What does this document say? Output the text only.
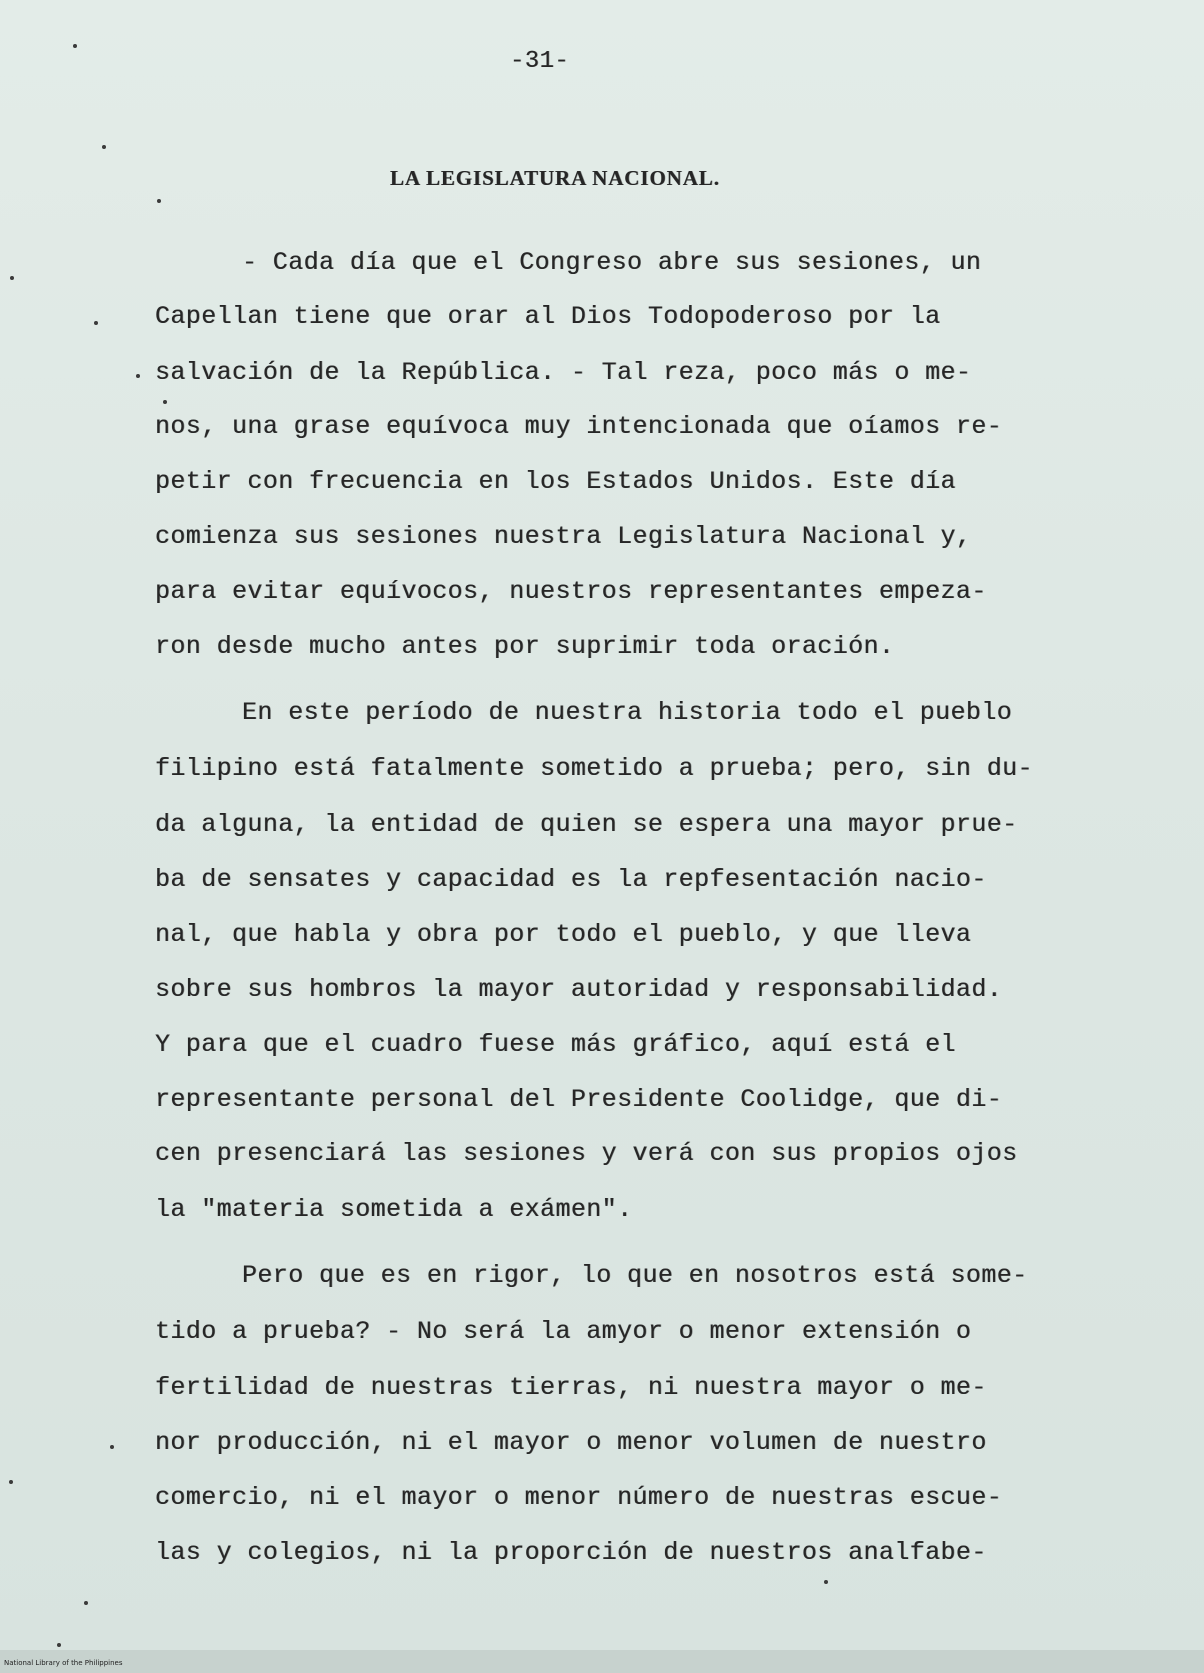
-31-
LA LEGISLATURA NACIONAL.
- Cada día que el Congreso abre sus sesiones, un
Capellan tiene que orar al Dios Todopoderoso por la
salvación de la República. - Tal reza, poco más o me-
nos, una grase equívoca muy intencionada que oíamos re-
petir con frecuencia en los Estados Unidos. Este día
comienza sus sesiones nuestra Legislatura Nacional y,
para evitar equívocos, nuestros representantes empeza-
ron desde mucho antes por suprimir toda oración.
En este período de nuestra historia todo el pueblo
filipino está fatalmente sometido a prueba; pero, sin du-
da alguna, la entidad de quien se espera una mayor prue-
ba de sensates y capacidad es la repfesentación nacio-
nal, que habla y obra por todo el pueblo, y que lleva
sobre sus hombros la mayor autoridad y responsabilidad.
Y para que el cuadro fuese más gráfico, aquí está el
representante personal del Presidente Coolidge, que di-
cen presenciará las sesiones y verá con sus propios ojos
la "materia sometida a exámen".
Pero que es en rigor, lo que en nosotros está some-
tido a prueba? - No será la amyor o menor extensión o
fertilidad de nuestras tierras, ni nuestra mayor o me-
nor producción, ni el mayor o menor volumen de nuestro
comercio, ni el mayor o menor número de nuestras escue-
las y colegios, ni la proporción de nuestros analfabe-
National Library of the Philippines
